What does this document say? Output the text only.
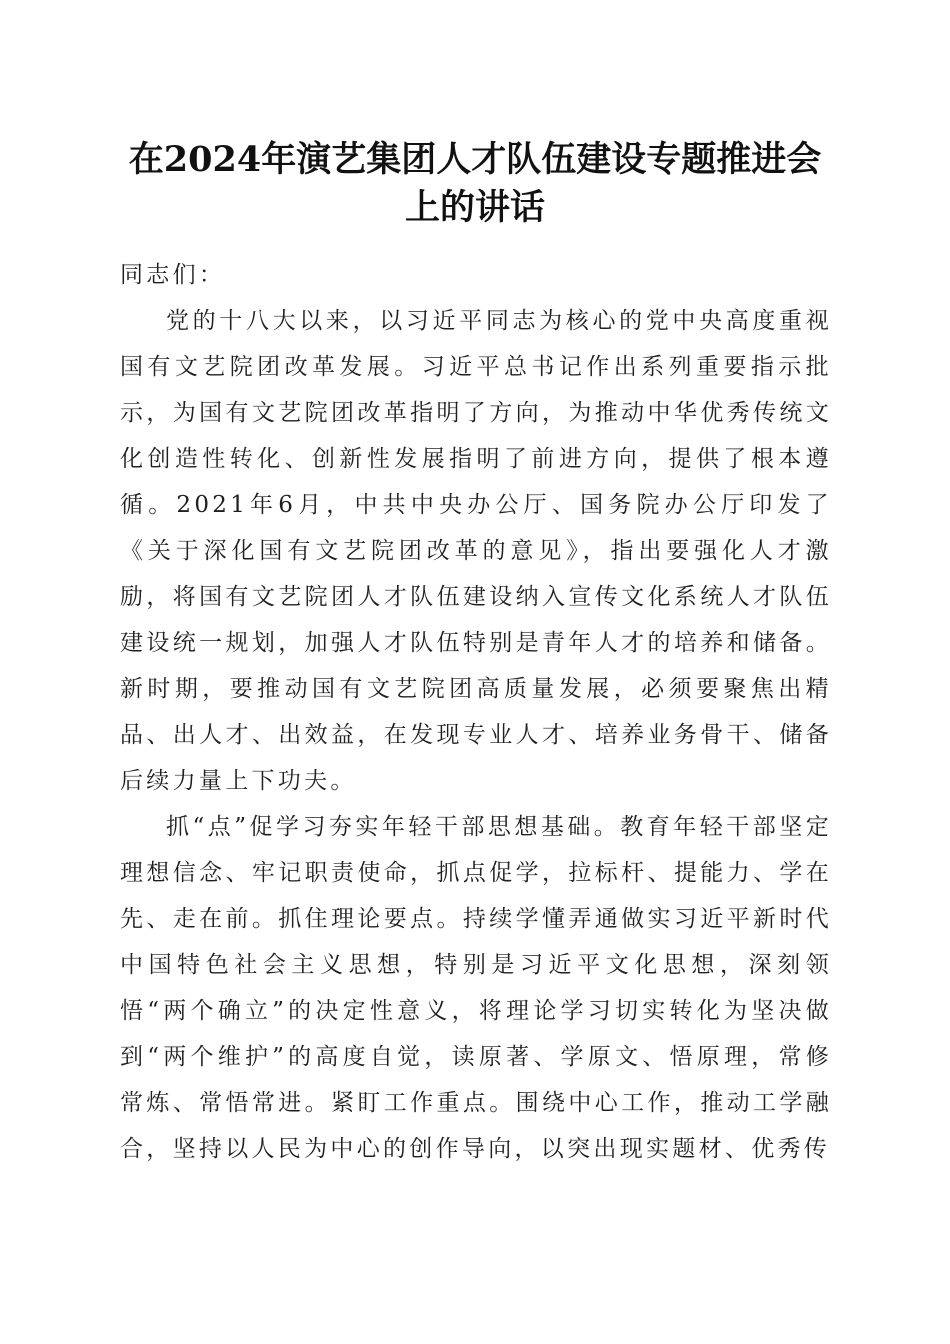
在2024年演艺集团人才队伍建设专题推进会
上的讲话

同志们：

党的十八大以来，以习近平同志为核心的党中央高度重视国有文艺院团改革发展。习近平总书记作出系列重要指示批示，为国有文艺院团改革指明了方向，为推动中华优秀传统文化创造性转化、创新性发展指明了前进方向，提供了根本遵循。2021年6月，中共中央办公厅、国务院办公厅印发了《关于深化国有文艺院团改革的意见》，指出要强化人才激励，将国有文艺院团人才队伍建设纳入宣传文化系统人才队伍建设统一规划，加强人才队伍特别是青年人才的培养和储备。新时期，要推动国有文艺院团高质量发展，必须要聚焦出精品、出人才、出效益，在发现专业人才、培养业务骨干、储备后续力量上下功夫。

抓“点”促学习夯实年轻干部思想基础。教育年轻干部坚定理想信念、牢记职责使命，抓点促学，拉标杆、提能力、学在先、走在前。抓住理论要点。持续学懂弄通做实习近平新时代中国特色社会主义思想，特别是习近平文化思想，深刻领悟“两个确立”的决定性意义，将理论学习切实转化为坚决做到“两个维护”的高度自觉，读原著、学原文、悟原理，常修常炼、常悟常进。紧盯工作重点。围绕中心工作，推动工学融合，坚持以人民为中心的创作导向，以突出现实题材、优秀传
